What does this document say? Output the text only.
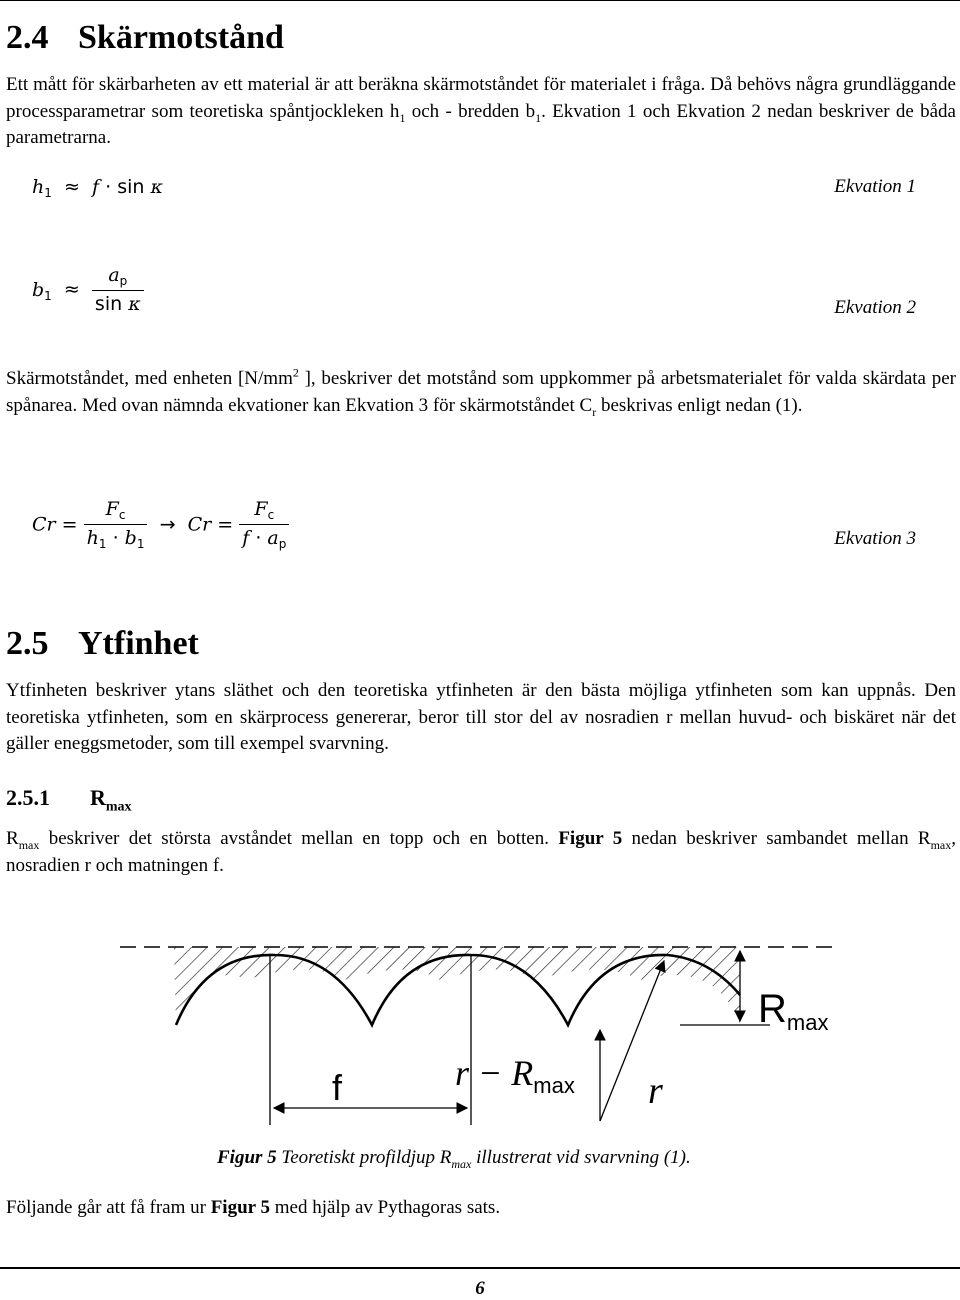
2.4 Skärmotstånd
Ett mått för skärbarheten av ett material är att beräkna skärmotståndet för materialet i fråga. Då behövs några grundläggande processparametrar som teoretiska spåntjockleken $h_1$ och - bredden $b_1$. Ekvation 1 och Ekvation 2 nedan beskriver de båda parametrarna.
$h_1 \approx f \cdot \sin \kappa$	Ekvation 1
$b_1 \approx \frac{a_p}{\text{sin κ}}$	Ekvation 2
Skärmotståndet, med enheten [$N/mm^2$ ], beskriver det motstånd som uppkommer på arbetsmaterialet för valda skärdata per spånarea. Med ovan nämnda ekvationer kan Ekvation 3 för skärmotståndet $C_r$ beskrivas enligt nedan (1).
$Cr = \frac{F_c}{h_1 \cdot b_1} \to Cr = \frac{F_c}{f \cdot a_p}$	Ekvation 3
2.5 Ytfinhet
Ytfinheten beskriver ytans släthet och den teoretiska ytfinheten är den bästa möjliga ytfinheten som kan uppnås. Den teoretiska ytfinheten, som en skärprocess genererar, beror till stor del av nosradien r mellan huvud- och biskäret när det gäller eneggsmetoder, som till exempel svarvning.
2.5.1 $R_{max}$
$R_{max}$ beskriver det största avståndet mellan en topp och en botten. Figur 5 nedan beskriver sambandet mellan $R_{max}$, nosradien r och matningen f.
$R_{max}$
f	$r - R_{max}$ r
Figur 5 Teoretiskt profildjup $R_{max}$ illustrerat vid svarvning (1).
Följande går att få fram ur Figur 5 med hjälp av Pythagoras sats.
6
